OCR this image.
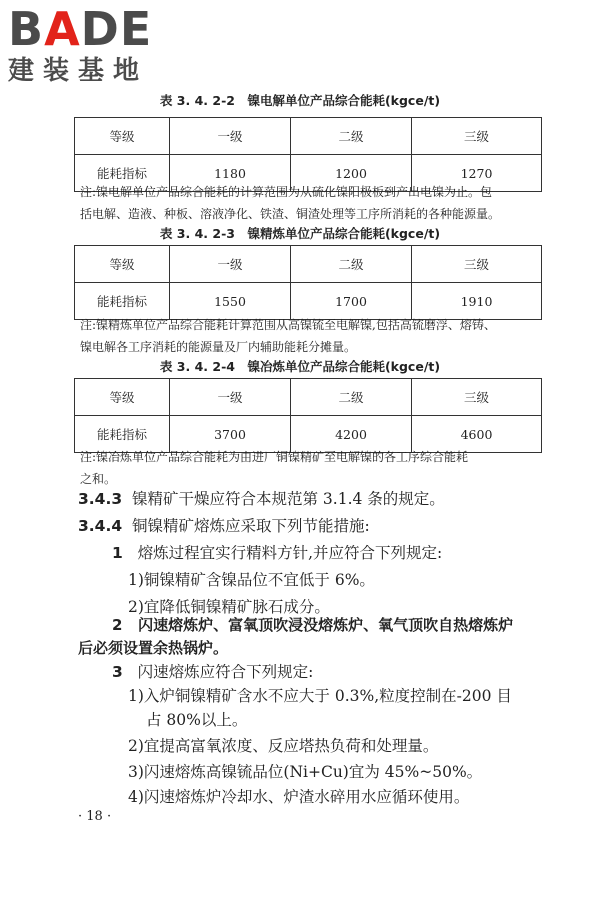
BADE
建装基地
表 3. 4. 2-2　镍电解单位产品综合能耗(kgce/t)
等级	一级	二级	三级
能耗指标	1180	1200	1270
注:镍电解单位产品综合能耗的计算范围为从硫化镍阳极板到产出电镍为止。包
括电解、造液、种板、溶液净化、铁渣、铜渣处理等工序所消耗的各种能源量。
表 3. 4. 2-3　镍精炼单位产品综合能耗(kgce/t)
等级	一级	二级	三级
能耗指标	1550	1700	1910
注:镍精炼单位产品综合能耗计算范围从高镍锍至电解镍,包括高锍磨浮、熔铸、
镍电解各工序消耗的能源量及厂内辅助能耗分摊量。
表 3. 4. 2-4　镍冶炼单位产品综合能耗(kgce/t)
等级	一级	二级	三级
能耗指标	3700	4200	4600
注:镍冶炼单位产品综合能耗为由进厂铜镍精矿至电解镍的各工序综合能耗
之和。
3.4.3 镍精矿干燥应符合本规范第 3.1.4 条的规定。
3.4.4 铜镍精矿熔炼应采取下列节能措施:
1 熔炼过程宜实行精料方针,并应符合下列规定:
1)铜镍精矿含镍品位不宜低于 6%。
2)宜降低铜镍精矿脉石成分。
2 闪速熔炼炉、富氧顶吹浸没熔炼炉、氧气顶吹自热熔炼炉
后必须设置余热锅炉。
3 闪速熔炼应符合下列规定:
1)入炉铜镍精矿含水不应大于 0.3%,粒度控制在-200 目
占 80%以上。
2)宜提高富氧浓度、反应塔热负荷和处理量。
3)闪速熔炼高镍锍品位(Ni+Cu)宜为 45%~50%。
4)闪速熔炼炉冷却水、炉渣水碎用水应循环使用。
· 18 ·
